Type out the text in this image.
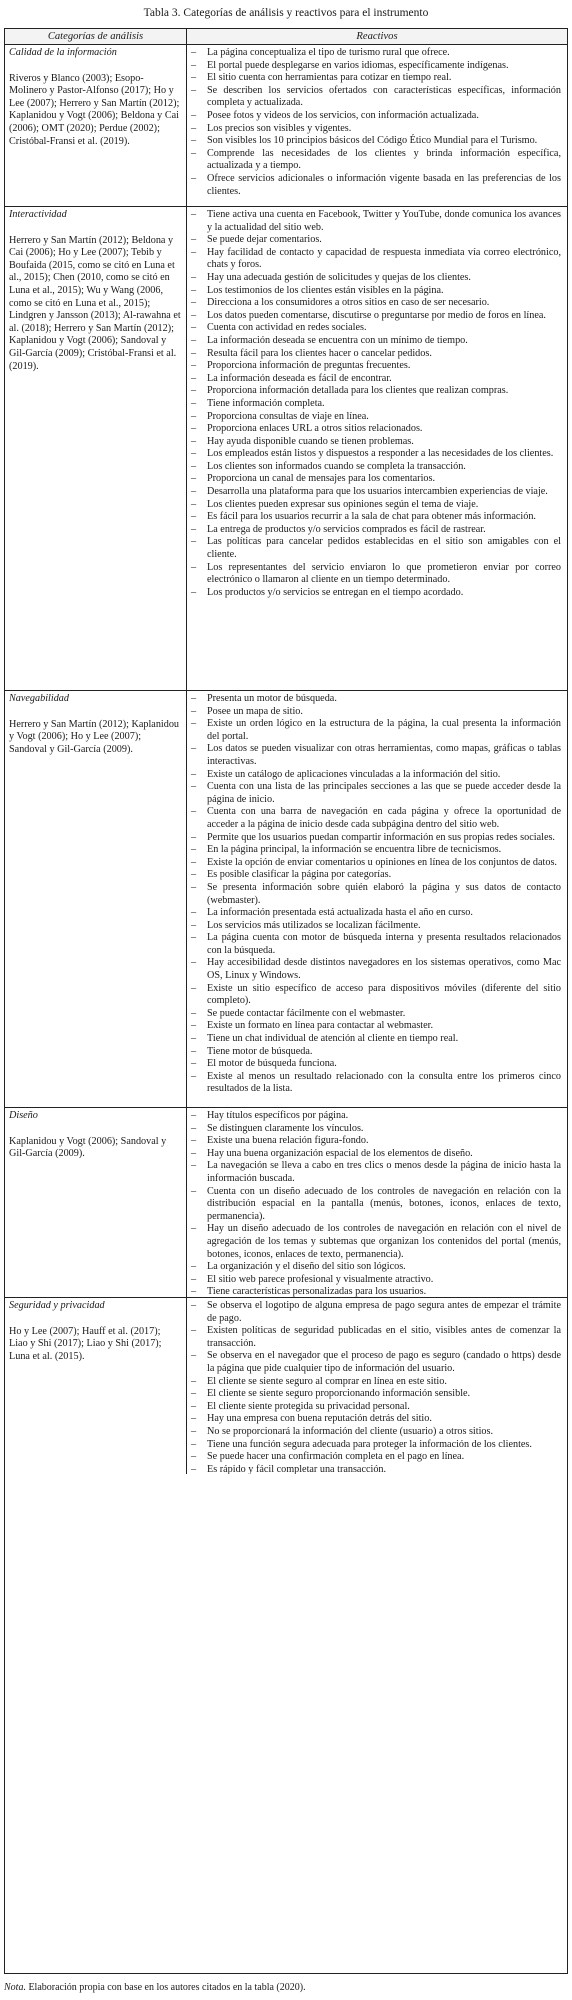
Tabla 3. Categorías de análisis y reactivos para el instrumento
Categorías de análisis	Reactivos
Calidad de la información
Riveros y Blanco (2003); Esopo-Molinero y Pastor-Alfonso (2017); Ho y Lee (2007); Herrero y San Martín (2012); Kaplanidou y Vogt (2006); Beldona y Cai (2006); OMT (2020); Perdue (2002); Cristóbal-Fransi et al. (2019).
–	La página conceptualiza el tipo de turismo rural que ofrece.
–	El portal puede desplegarse en varios idiomas, específicamente indígenas.
–	El sitio cuenta con herramientas para cotizar en tiempo real.
–	Se describen los servicios ofertados con características específicas, información completa y actualizada.
–	Posee fotos y videos de los servicios, con información actualizada.
–	Los precios son visibles y vigentes.
–	Son visibles los 10 principios básicos del Código Ético Mundial para el Turismo.
–	Comprende las necesidades de los clientes y brinda información específica, actualizada y a tiempo.
–	Ofrece servicios adicionales o información vigente basada en las preferencias de los clientes.
Interactividad
Herrero y San Martín (2012); Beldona y Cai (2006); Ho y Lee (2007); Tebib y Boufaida (2015, como se citó en Luna et al., 2015); Chen (2010, como se citó en Luna et al., 2015); Wu y Wang (2006, como se citó en Luna et al., 2015); Lindgren y Jansson (2013); Al-rawahna et al. (2018); Herrero y San Martín (2012); Kaplanidou y Vogt (2006); Sandoval y Gil-García (2009); Cristóbal-Fransi et al. (2019).
–	Tiene activa una cuenta en Facebook, Twitter y YouTube, donde comunica los avances y la actualidad del sitio web.
–	Se puede dejar comentarios.
–	Hay facilidad de contacto y capacidad de respuesta inmediata vía correo electrónico, chats y foros.
–	Hay una adecuada gestión de solicitudes y quejas de los clientes.
–	Los testimonios de los clientes están visibles en la página.
–	Direcciona a los consumidores a otros sitios en caso de ser necesario.
–	Los datos pueden comentarse, discutirse o preguntarse por medio de foros en línea.
–	Cuenta con actividad en redes sociales.
–	La información deseada se encuentra con un mínimo de tiempo.
–	Resulta fácil para los clientes hacer o cancelar pedidos.
–	Proporciona información de preguntas frecuentes.
–	La información deseada es fácil de encontrar.
–	Proporciona información detallada para los clientes que realizan compras.
–	Tiene información completa.
–	Proporciona consultas de viaje en línea.
–	Proporciona enlaces URL a otros sitios relacionados.
–	Hay ayuda disponible cuando se tienen problemas.
–	Los empleados están listos y dispuestos a responder a las necesidades de los clientes.
–	Los clientes son informados cuando se completa la transacción.
–	Proporciona un canal de mensajes para los comentarios.
–	Desarrolla una plataforma para que los usuarios intercambien experiencias de viaje.
–	Los clientes pueden expresar sus opiniones según el tema de viaje.
–	Es fácil para los usuarios recurrir a la sala de chat para obtener más información.
–	La entrega de productos y/o servicios comprados es fácil de rastrear.
–	Las políticas para cancelar pedidos establecidas en el sitio son amigables con el cliente.
–	Los representantes del servicio enviaron lo que prometieron enviar por correo electrónico o llamaron al cliente en un tiempo determinado.
–	Los productos y/o servicios se entregan en el tiempo acordado.
Navegabilidad
Herrero y San Martín (2012); Kaplanidou y Vogt (2006); Ho y Lee (2007); Sandoval y Gil-García (2009).
–	Presenta un motor de búsqueda.
–	Posee un mapa de sitio.
–	Existe un orden lógico en la estructura de la página, la cual presenta la información del portal.
–	Los datos se pueden visualizar con otras herramientas, como mapas, gráficas o tablas interactivas.
–	Existe un catálogo de aplicaciones vinculadas a la información del sitio.
–	Cuenta con una lista de las principales secciones a las que se puede acceder desde la página de inicio.
–	Cuenta con una barra de navegación en cada página y ofrece la oportunidad de acceder a la página de inicio desde cada subpágina dentro del sitio web.
–	Permite que los usuarios puedan compartir información en sus propias redes sociales.
–	En la página principal, la información se encuentra libre de tecnicismos.
–	Existe la opción de enviar comentarios u opiniones en línea de los conjuntos de datos.
–	Es posible clasificar la página por categorías.
–	Se presenta información sobre quién elaboró la página y sus datos de contacto (webmaster).
–	La información presentada está actualizada hasta el año en curso.
–	Los servicios más utilizados se localizan fácilmente.
–	La página cuenta con motor de búsqueda interna y presenta resultados relacionados con la búsqueda.
–	Hay accesibilidad desde distintos navegadores en los sistemas operativos, como Mac OS, Linux y Windows.
–	Existe un sitio específico de acceso para dispositivos móviles (diferente del sitio completo).
–	Se puede contactar fácilmente con el webmaster.
–	Existe un formato en línea para contactar al webmaster.
–	Tiene un chat individual de atención al cliente en tiempo real.
–	Tiene motor de búsqueda.
–	El motor de búsqueda funciona.
–	Existe al menos un resultado relacionado con la consulta entre los primeros cinco resultados de la lista.
Diseño
Kaplanidou y Vogt (2006); Sandoval y Gil-García (2009).
–	Hay títulos específicos por página.
–	Se distinguen claramente los vínculos.
–	Existe una buena relación figura-fondo.
–	Hay una buena organización espacial de los elementos de diseño.
–	La navegación se lleva a cabo en tres clics o menos desde la página de inicio hasta la información buscada.
–	Cuenta con un diseño adecuado de los controles de navegación en relación con la distribución espacial en la pantalla (menús, botones, iconos, enlaces de texto, permanencia).
–	Hay un diseño adecuado de los controles de navegación en relación con el nivel de agregación de los temas y subtemas que organizan los contenidos del portal (menús, botones, iconos, enlaces de texto, permanencia).
–	La organización y el diseño del sitio son lógicos.
–	El sitio web parece profesional y visualmente atractivo.
–	Tiene características personalizadas para los usuarios.
Seguridad y privacidad
Ho y Lee (2007); Hauff et al. (2017); Liao y Shi (2017); Liao y Shi (2017); Luna et al. (2015).
–	Se observa el logotipo de alguna empresa de pago segura antes de empezar el trámite de pago.
–	Existen políticas de seguridad publicadas en el sitio, visibles antes de comenzar la transacción.
–	Se observa en el navegador que el proceso de pago es seguro (candado o https) desde la página que pide cualquier tipo de información del usuario.
–	El cliente se siente seguro al comprar en línea en este sitio.
–	El cliente se siente seguro proporcionando información sensible.
–	El cliente siente protegida su privacidad personal.
–	Hay una empresa con buena reputación detrás del sitio.
–	No se proporcionará la información del cliente (usuario) a otros sitios.
–	Tiene una función segura adecuada para proteger la información de los clientes.
–	Se puede hacer una confirmación completa en el pago en línea.
–	Es rápido y fácil completar una transacción.
Nota. Elaboración propia con base en los autores citados en la tabla (2020).
